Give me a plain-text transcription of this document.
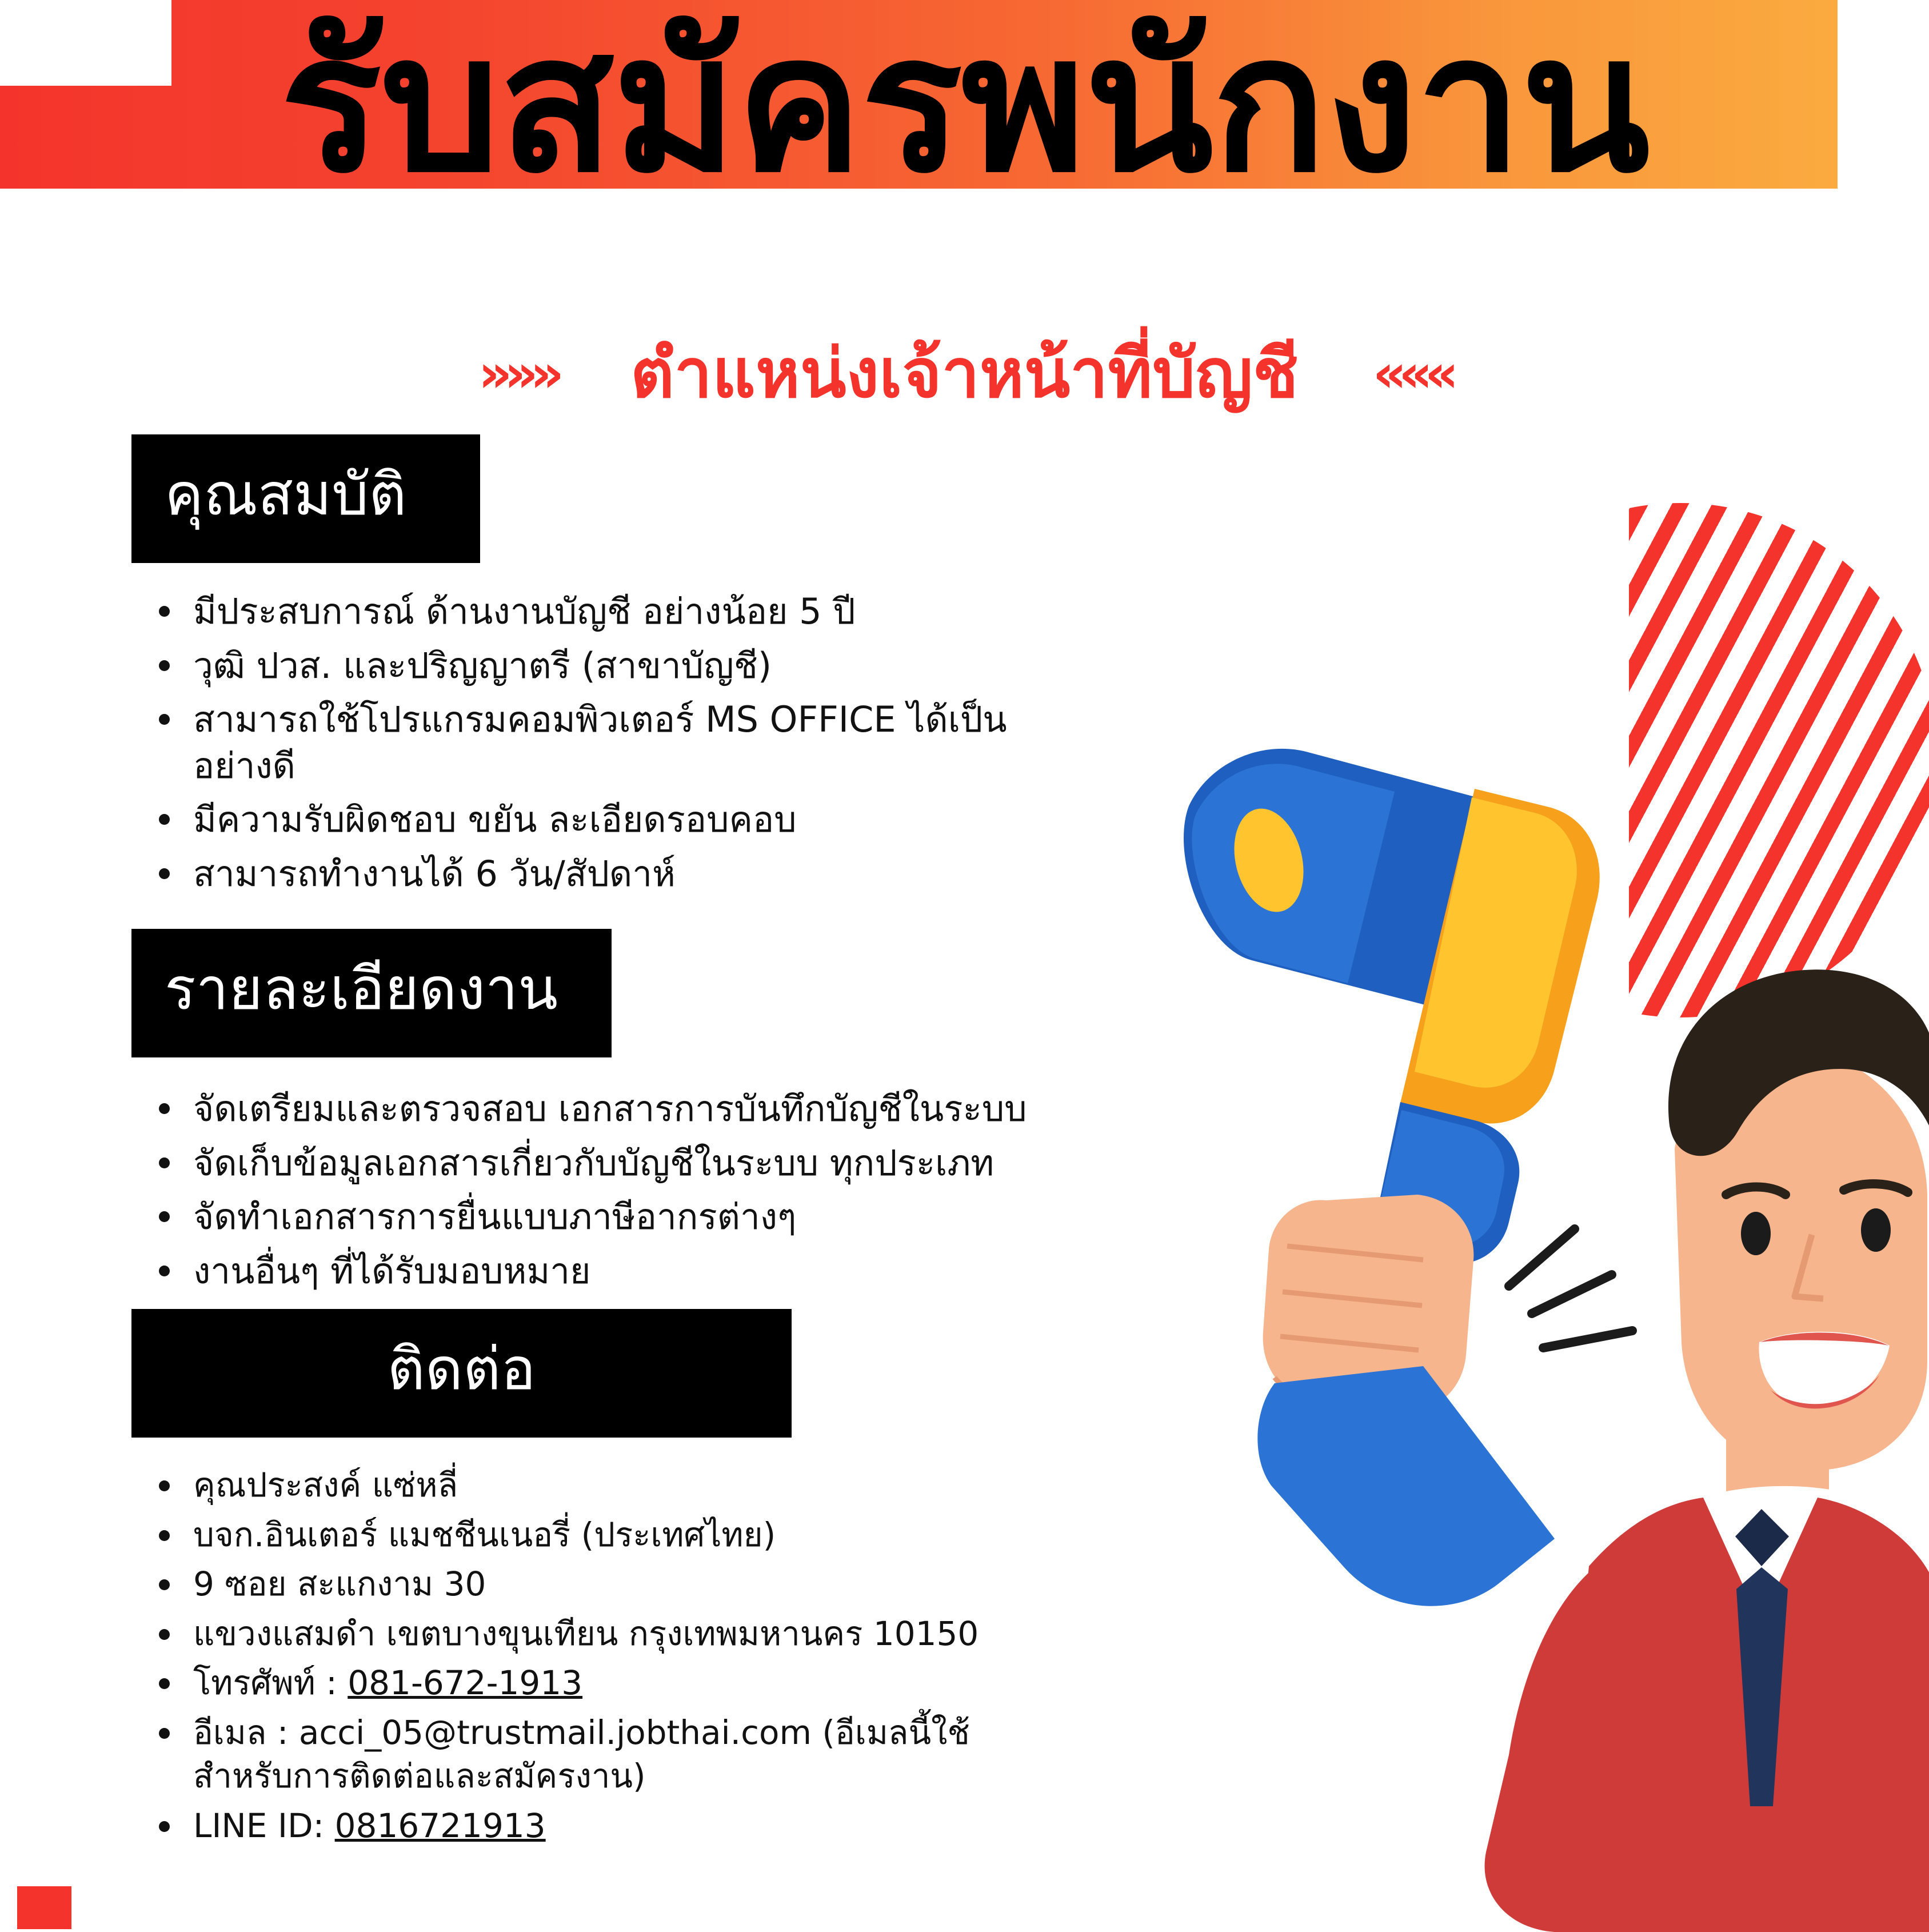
รับสมัครพนักงาน
»»» ตำแหน่งเจ้าหน้าที่บัญชี «««
คุณสมบัติ
มีประสบการณ์ ด้านงานบัญชี อย่างน้อย 5 ปี
วุฒิ ปวส. และปริญญาตรี (สาขาบัญชี)
สามารถใช้โปรแกรมคอมพิวเตอร์ MS OFFICE ได้เป็นอย่างดี
มีความรับผิดชอบ ขยัน ละเอียดรอบคอบ
สามารถทำงานได้ 6 วัน/สัปดาห์
รายละเอียดงาน
จัดเตรียมและตรวจสอบ เอกสารการบันทึกบัญชีในระบบ
จัดเก็บข้อมูลเอกสารเกี่ยวกับบัญชีในระบบ ทุกประเภท
จัดทำเอกสารการยื่นแบบภาษีอากรต่างๆ
งานอื่นๆ ที่ได้รับมอบหมาย
ติดต่อ
คุณประสงค์ แซ่หลี่
บจก.อินเตอร์ แมชชีนเนอรี่ (ประเทศไทย)
9 ซอย สะแกงาม 30
แขวงแสมดำ เขตบางขุนเทียน กรุงเทพมหานคร 10150
โทรศัพท์ : 081-672-1913
อีเมล : acci_05@trustmail.jobthai.com (อีเมลนี้ใช้สำหรับการติดต่อและสมัครงาน)
LINE ID: 0816721913
